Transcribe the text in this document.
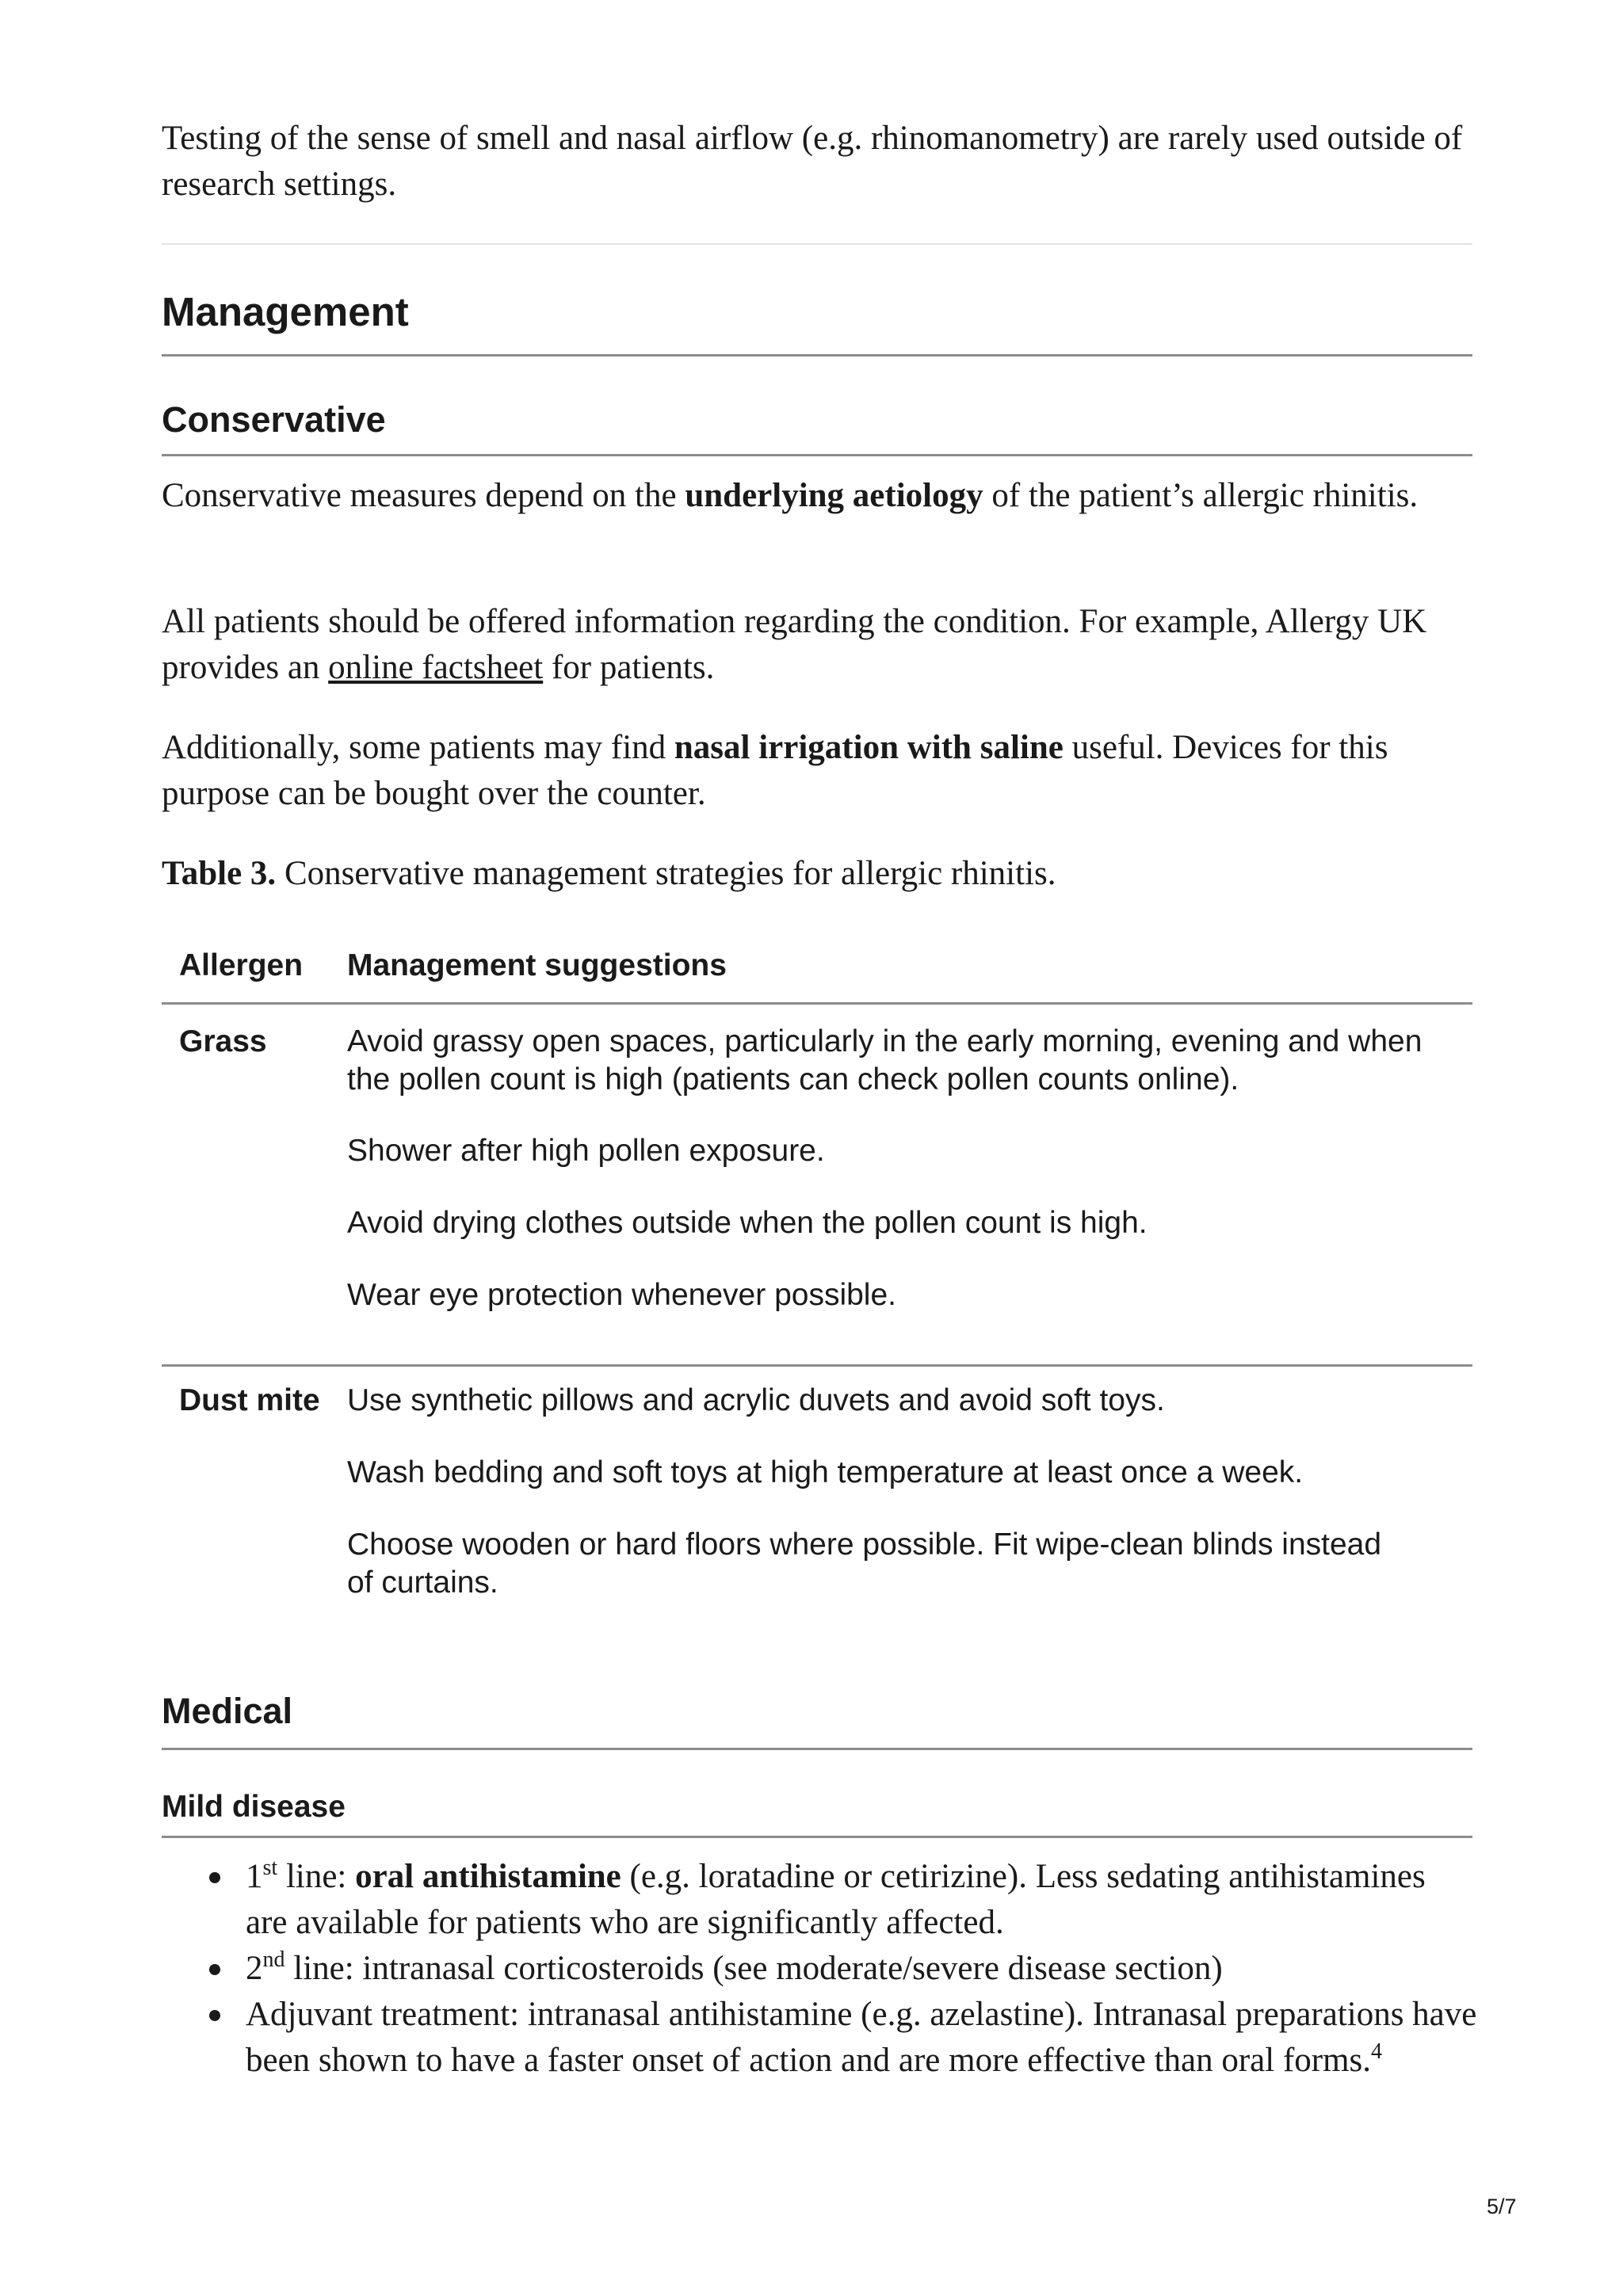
Testing of the sense of smell and nasal airflow (e.g. rhinomanometry) are rarely used outside of research settings.

Management
Conservative

Conservative measures depend on the underlying aetiology of the patient’s allergic rhinitis.

All patients should be offered information regarding the condition. For example, Allergy UK provides an online factsheet for patients.

Additionally, some patients may find nasal irrigation with saline useful. Devices for this purpose can be bought over the counter.

Table 3. Conservative management strategies for allergic rhinitis.

Allergen Management suggestions
Grass	Avoid grassy open spaces, particularly in the early morning, evening and when the pollen count is high (patients can check pollen counts online).
Shower after high pollen exposure.
Avoid drying clothes outside when the pollen count is high.
Wear eye protection whenever possible.
Dust mite Use synthetic pillows and acrylic duvets and avoid soft toys.
Wash bedding and soft toys at high temperature at least once a week.
Choose wooden or hard floors where possible. Fit wipe-clean blinds instead of curtains.
Medical
Mild disease
1st line: oral antihistamine (e.g. loratadine or cetirizine). Less sedating antihistamines are available for patients who are significantly affected.
2nd line: intranasal corticosteroids (see moderate/severe disease section)
Adjuvant treatment: intranasal antihistamine (e.g. azelastine). Intranasal preparations have been shown to have a faster onset of action and are more effective than oral forms.$^4$
5/7
